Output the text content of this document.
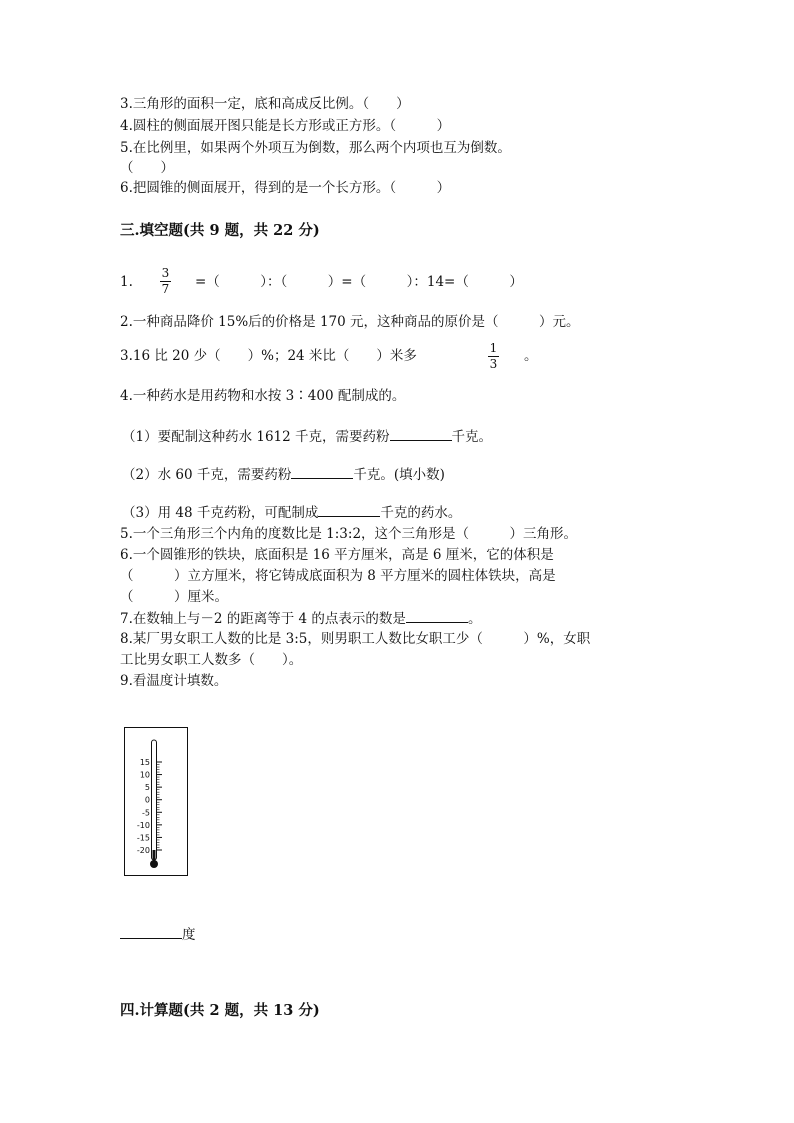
3.三角形的面积一定，底和高成反比例。（　　）
4.圆柱的侧面展开图只能是长方形或正方形。（　　　）
5.在比例里，如果两个外项互为倒数，那么两个内项也互为倒数。
（　　）
6.把圆锥的侧面展开，得到的是一个长方形。（　　　）
三.填空题(共 9 题，共 22 分)
1.
3
7 =（　　　）：（　　　）=（　　　）：14=（　　　）
2.一种商品降价 15%后的价格是 170 元，这种商品的原价是（　　　）元。
3.16 比 20 少（　　）%；24 米比（　　）米多	1
3 。
4.一种药水是用药物和水按 3∶400 配制成的。
（1）要配制这种药水 1612 千克，需要药粉	千克。
（2）水 60 千克，需要药粉	千克。(填小数)
（3）用 48 千克药粉，可配制成	千克的药水。
5.一个三角形三个内角的度数比是 1:3:2，这个三角形是（　　　）三角形。
6.一个圆锥形的铁块，底面积是 16 平方厘米，高是 6 厘米，它的体积是
（　　　）立方厘米，将它铸成底面积为 8 平方厘米的圆柱体铁块，高是
（　　　）厘米。
7.在数轴上与－2 的距离等于 4 的点表示的数是	。
8.某厂男女职工人数的比是 3:5，则男职工人数比女职工少（　　　）%，女职
工比男女职工人数多（　　）。
9.看温度计填数。
15
10
5
0
-5
-10
-15
-20
度
四.计算题(共 2 题，共 13 分)
